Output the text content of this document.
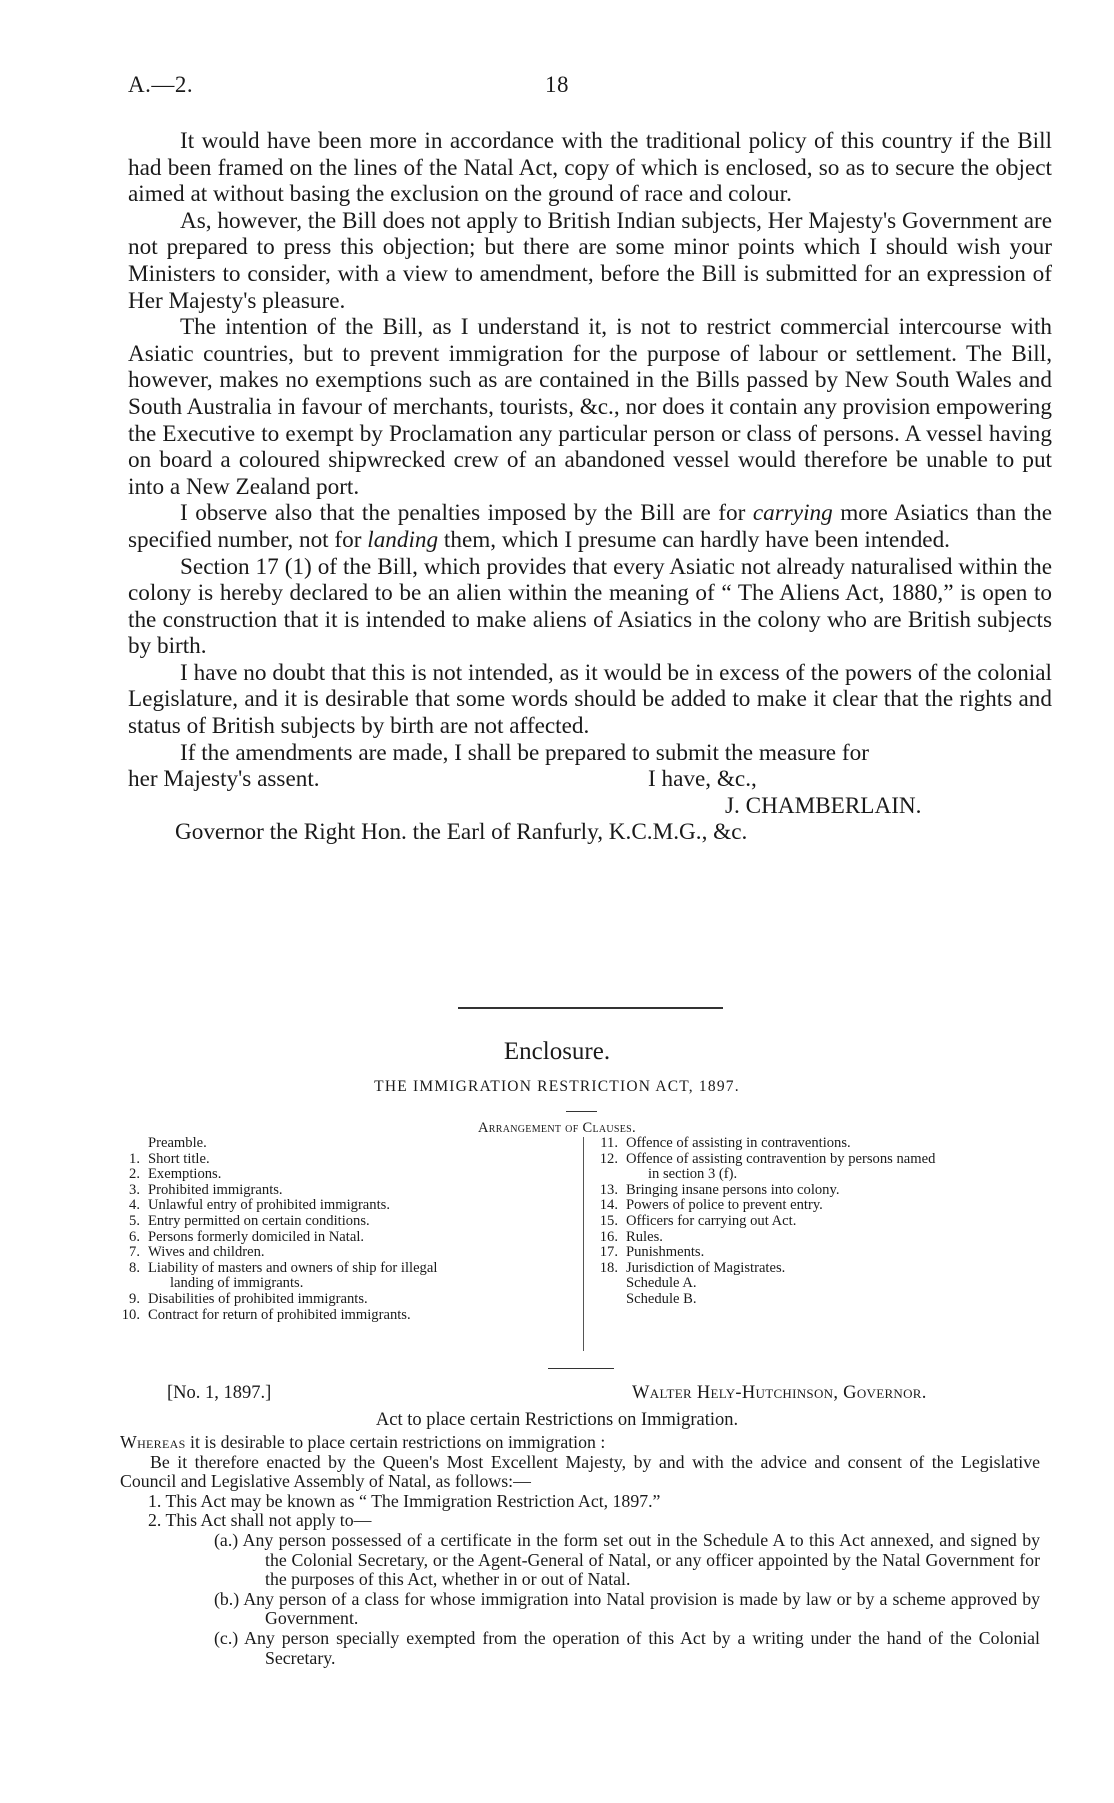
A.—2.	18

It would have been more in accordance with the traditional policy of this country if the Bill had been framed on the lines of the Natal Act, copy of which is enclosed, so as to secure the object aimed at without basing the exclusion on the ground of race and colour.

As, however, the Bill does not apply to British Indian subjects, Her Majesty's Government are not prepared to press this objection; but there are some minor points which I should wish your Ministers to consider, with a view to amendment, before the Bill is submitted for an expression of Her Majesty's pleasure.

The intention of the Bill, as I understand it, is not to restrict commercial intercourse with Asiatic countries, but to prevent immigration for the purpose of labour or settlement. The Bill, however, makes no exemptions such as are contained in the Bills passed by New South Wales and South Australia in favour of merchants, tourists, &c., nor does it contain any provision empowering the Executive to exempt by Proclamation any particular person or class of persons. A vessel having on board a coloured shipwrecked crew of an abandoned vessel would therefore be unable to put into a New Zealand port.

I observe also that the penalties imposed by the Bill are for carrying more Asiatics than the specified number, not for landing them, which I presume can hardly have been intended.

Section 17 (1) of the Bill, which provides that every Asiatic not already naturalised within the colony is hereby declared to be an alien within the meaning of “ The Aliens Act, 1880,” is open to the construction that it is intended to make aliens of Asiatics in the colony who are British subjects by birth.

I have no doubt that this is not intended, as it would be in excess of the powers of the colonial Legislature, and it is desirable that some words should be added to make it clear that the rights and status of British subjects by birth are not affected.

If the amendments are made, I shall be prepared to submit the measure for

her Majesty's assent.	I have, &c.,
J. CHAMBERLAIN.
Governor the Right Hon. the Earl of Ranfurly, K.C.M.G., &c.
Enclosure.
THE IMMIGRATION RESTRICTION ACT, 1897.
Arrangement of Clauses.
Preamble.
1. Short title.
2. Exemptions.
3. Prohibited immigrants.
4. Unlawful entry of prohibited immigrants.
5. Entry permitted on certain conditions.
6. Persons formerly domiciled in Natal.
7. Wives and children.
8. Liability of masters and owners of ship for illegal
landing of immigrants.
9. Disabilities of prohibited immigrants.
10. Contract for return of prohibited immigrants.
11. Offence of assisting in contraventions.
12. Offence of assisting contravention by persons named
in section 3 (f).
13. Bringing insane persons into colony.
14. Powers of police to prevent entry.
15. Officers for carrying out Act.
16. Rules.
17. Punishments.
18. Jurisdiction of Magistrates.
Schedule A.
Schedule B.
[No. 1, 1897.]	Walter Hely-Hutchinson, Governor.
Act to place certain Restrictions on Immigration.

Whereas it is desirable to place certain restrictions on immigration :

Be it therefore enacted by the Queen's Most Excellent Majesty, by and with the advice and consent of the Legislative Council and Legislative Assembly of Natal, as follows:—

1. This Act may be known as “ The Immigration Restriction Act, 1897.”

2. This Act shall not apply to—

(a.) Any person possessed of a certificate in the form set out in the Schedule A to this Act annexed, and signed by the Colonial Secretary, or the Agent-General of Natal, or any officer appointed by the Natal Government for the purposes of this Act, whether in or out of Natal.

(b.) Any person of a class for whose immigration into Natal provision is made by law or by a scheme approved by Government.

(c.) Any person specially exempted from the operation of this Act by a writing under the hand of the Colonial Secretary.
